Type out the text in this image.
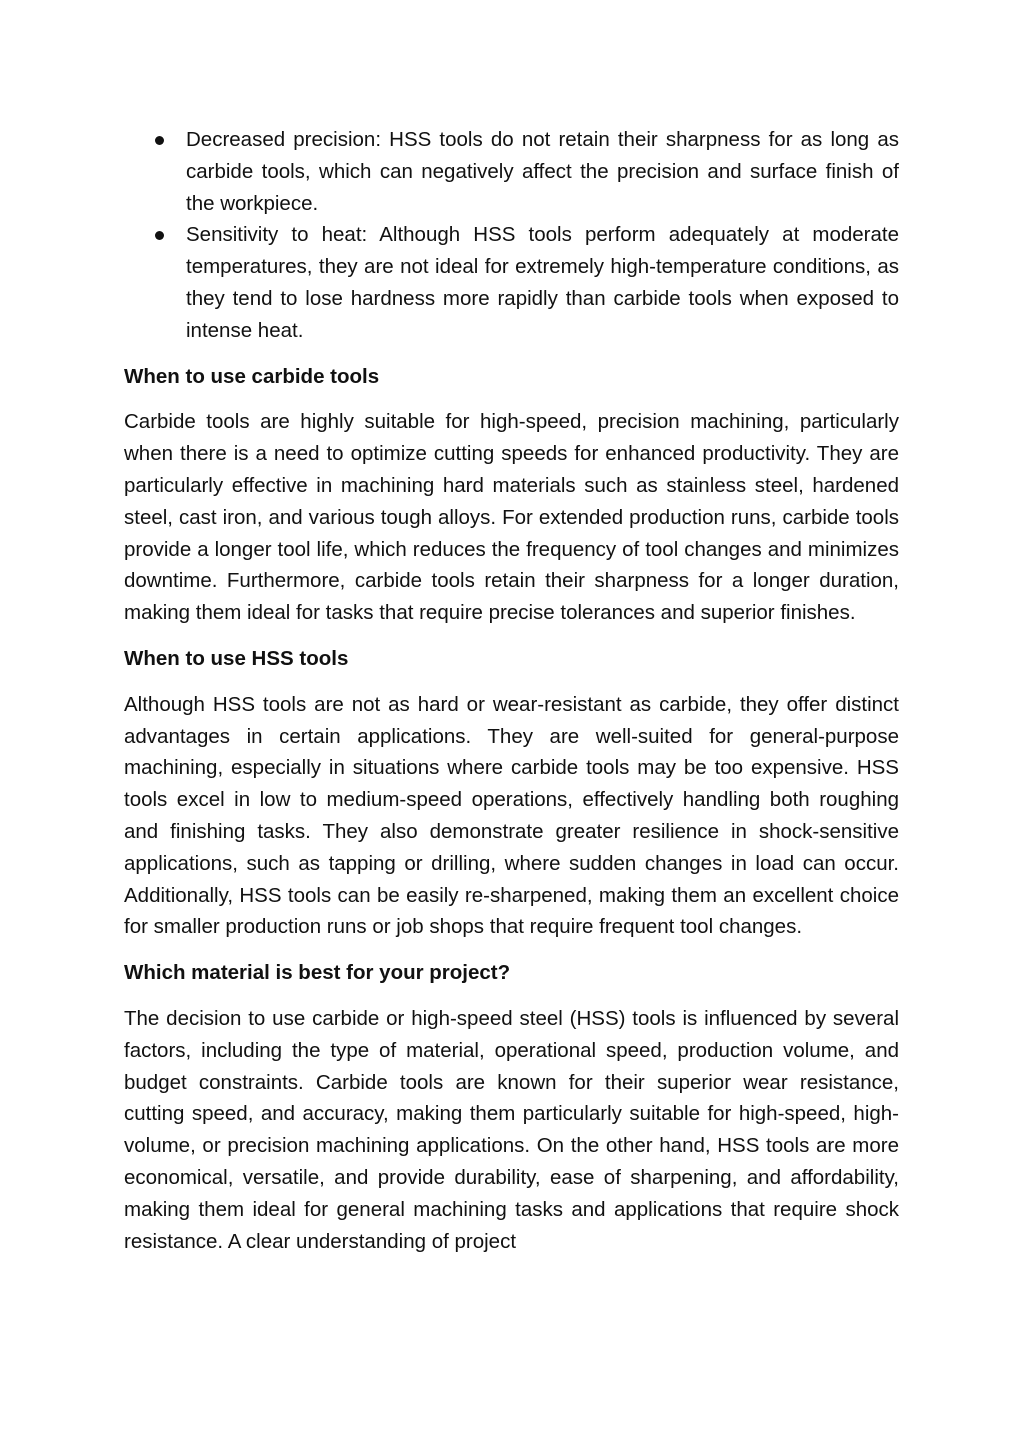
Decreased precision: HSS tools do not retain their sharpness for as long as carbide tools, which can negatively affect the precision and surface finish of the workpiece.
Sensitivity to heat: Although HSS tools perform adequately at moderate temperatures, they are not ideal for extremely high-temperature conditions, as they tend to lose hardness more rapidly than carbide tools when exposed to intense heat.
When to use carbide tools

Carbide tools are highly suitable for high-speed, precision machining, particularly when there is a need to optimize cutting speeds for enhanced productivity. They are particularly effective in machining hard materials such as stainless steel, hardened steel, cast iron, and various tough alloys. For extended production runs, carbide tools provide a longer tool life, which reduces the frequency of tool changes and minimizes downtime. Furthermore, carbide tools retain their sharpness for a longer duration, making them ideal for tasks that require precise tolerances and superior finishes.

When to use HSS tools

Although HSS tools are not as hard or wear-resistant as carbide, they offer distinct advantages in certain applications. They are well-suited for general-purpose machining, especially in situations where carbide tools may be too expensive. HSS tools excel in low to medium-speed operations, effectively handling both roughing and finishing tasks. They also demonstrate greater resilience in shock-sensitive applications, such as tapping or drilling, where sudden changes in load can occur. Additionally, HSS tools can be easily re-sharpened, making them an excellent choice for smaller production runs or job shops that require frequent tool changes.

Which material is best for your project?

The decision to use carbide or high-speed steel (HSS) tools is influenced by several factors, including the type of material, operational speed, production volume, and budget constraints. Carbide tools are known for their superior wear resistance, cutting speed, and accuracy, making them particularly suitable for high-speed, high-volume, or precision machining applications. On the other hand, HSS tools are more economical, versatile, and provide durability, ease of sharpening, and affordability, making them ideal for general machining tasks and applications that require shock resistance. A clear understanding of project
